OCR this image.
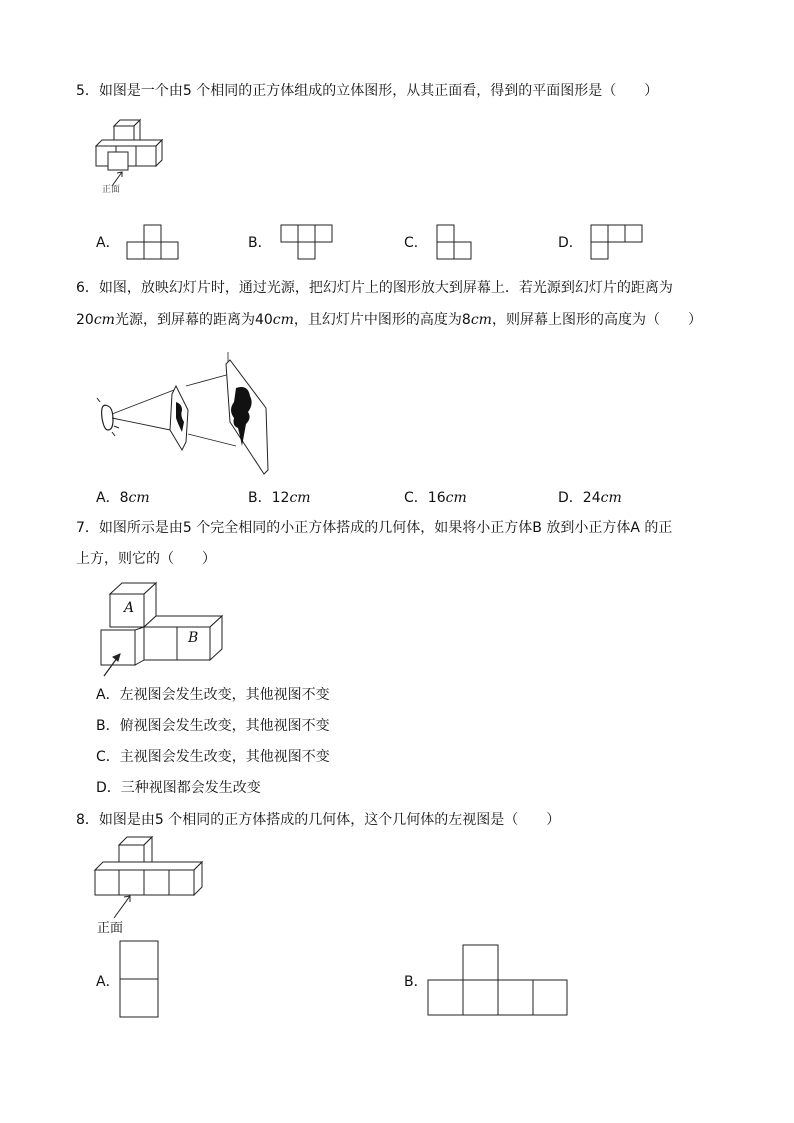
5．如图是一个由5 个相同的正方体组成的立体图形，从其正面看，得到的平面图形是（　　）
正面
A．	B．	C．	D．
6．如图，放映幻灯片时，通过光源，把幻灯片上的图形放大到屏幕上．若光源到幻灯片的距离为
20cm光源，到屏幕的距离为40cm，且幻灯片中图形的高度为8cm，则屏幕上图形的高度为（　　）
A．8cm	B．12cm	C．16cm	D．24cm
7．如图所示是由5 个完全相同的小正方体搭成的几何体，如果将小正方体B 放到小正方体A 的正
上方，则它的（　　）
A
B
A．左视图会发生改变，其他视图不变
B．俯视图会发生改变，其他视图不变
C．主视图会发生改变，其他视图不变
D．三种视图都会发生改变
8．如图是由5 个相同的正方体搭成的几何体，这个几何体的左视图是（　　）
正面
A．	B．
